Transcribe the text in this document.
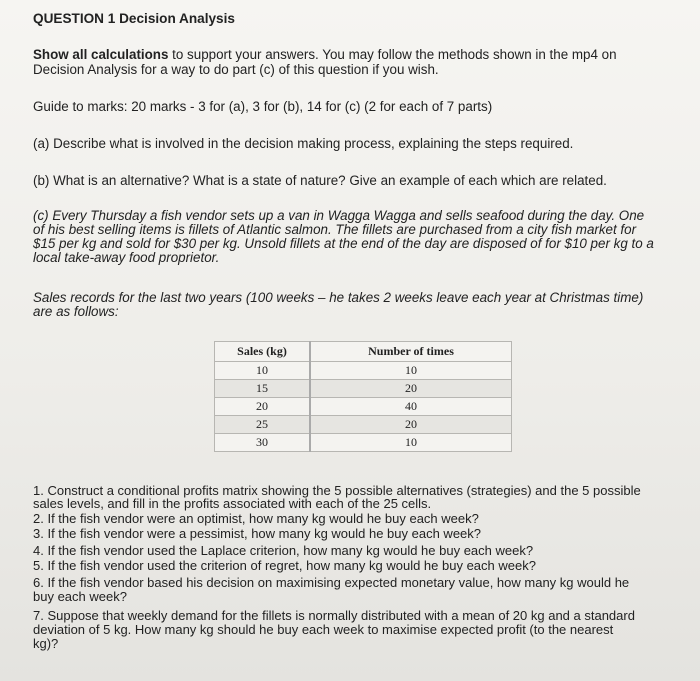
QUESTION 1 Decision Analysis

Show all calculations to support your answers. You may follow the methods shown in the mp4 on
Decision Analysis for a way to do part (c) of this question if you wish.

Guide to marks: 20 marks - 3 for (a), 3 for (b), 14 for (c) (2 for each of 7 parts)

(a) Describe what is involved in the decision making process, explaining the steps required.

(b) What is an alternative? What is a state of nature? Give an example of each which are related.

(c) Every Thursday a fish vendor sets up a van in Wagga Wagga and sells seafood during the day. One
of his best selling items is fillets of Atlantic salmon. The fillets are purchased from a city fish market for
$15 per kg and sold for $30 per kg. Unsold fillets at the end of the day are disposed of for $10 per kg to a
local take-away food proprietor.

Sales records for the last two years (100 weeks – he takes 2 weeks leave each year at Christmas time)
are as follows:

Sales (kg)	Number of times
10	10
15	20
20	40
25	20
30	10

1. Construct a conditional profits matrix showing the 5 possible alternatives (strategies) and the 5 possible

sales levels, and fill in the profits associated with each of the 25 cells.

2. If the fish vendor were an optimist, how many kg would he buy each week?

3. If the fish vendor were a pessimist, how many kg would he buy each week?

4. If the fish vendor used the Laplace criterion, how many kg would he buy each week?

5. If the fish vendor used the criterion of regret, how many kg would he buy each week?

6. If the fish vendor based his decision on maximising expected monetary value, how many kg would he

buy each week?

7. Suppose that weekly demand for the fillets is normally distributed with a mean of 20 kg and a standard

deviation of 5 kg. How many kg should he buy each week to maximise expected profit (to the nearest

kg)?
